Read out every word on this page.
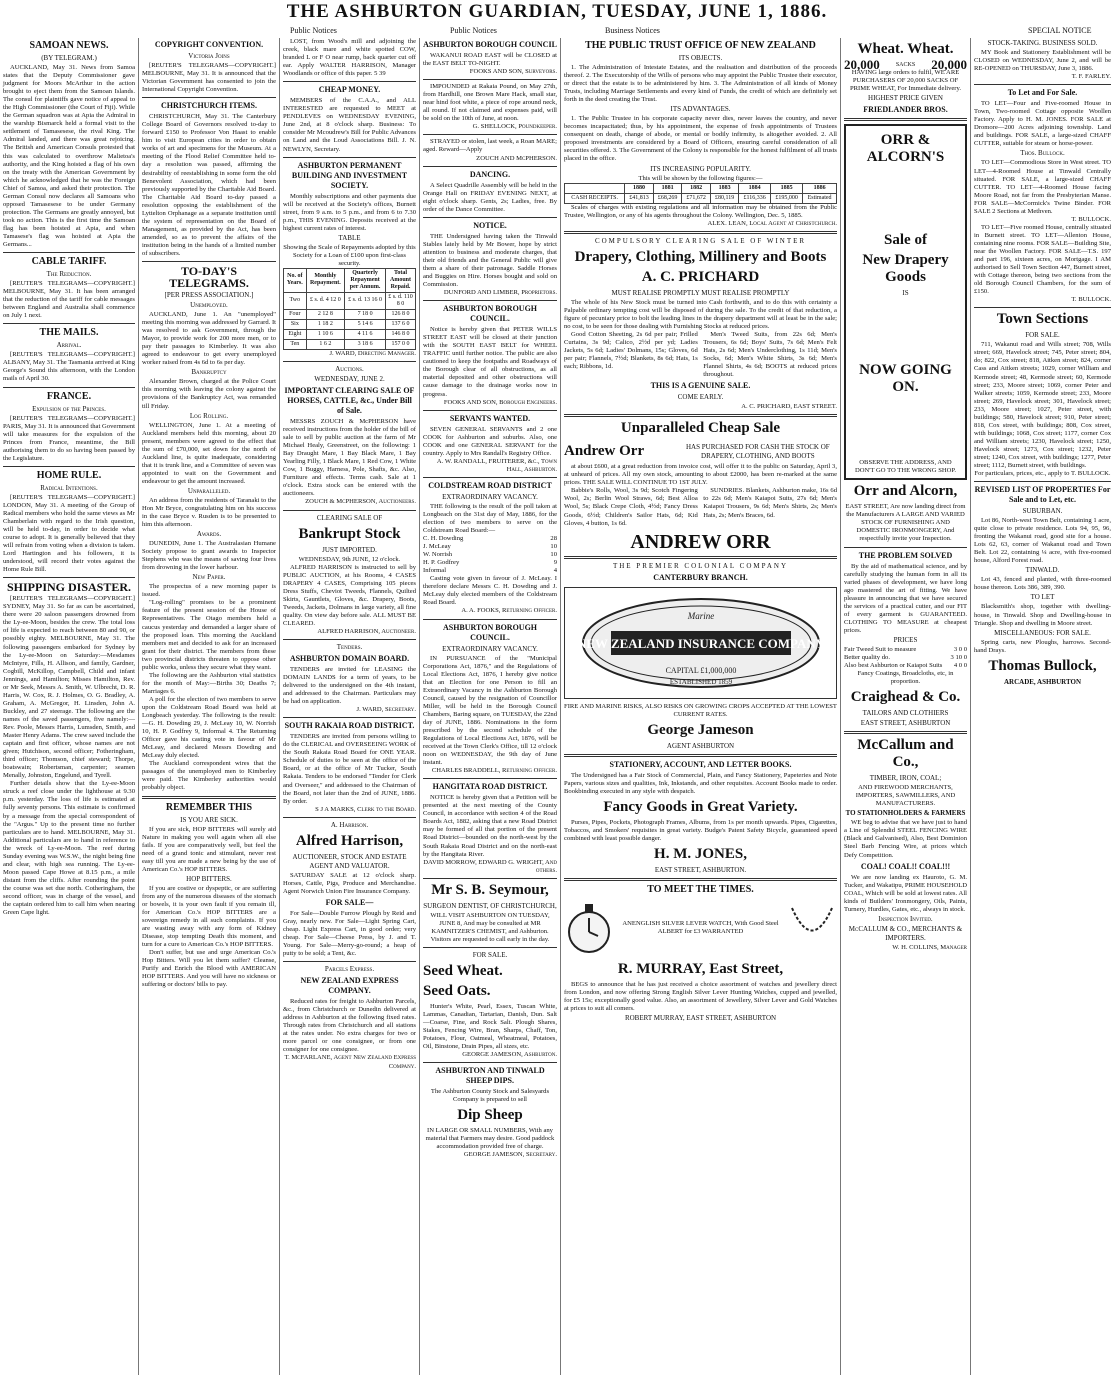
THE ASHBURTON GUARDIAN, TUESDAY, JUNE 1, 1886.
Public Notices	Public Notices	Business Notices	SPECIAL NOTICE
SAMOAN NEWS.
(BY TELEGRAM.)
AUCKLAND, May 31. News from Samoa states that the Deputy Commissioner gave judgment for Moors McArthur in the action brought to eject them from the Samoan Islands. The consul for plaintiffs gave notice of appeal to the High Commissioner (the Court of Fiji). While the German squadron was at Apia the Admiral in the warship Bismarck held a formal visit to the settlement of Tamasesese, the rival King. The Admiral landed, and there was great rejoicing. The British and American Consuls protested that this was calculated to overthrow Malietoa's authority, and the King hoisted a flag of his own on the treaty with the American Government by which he acknowledged that he was the Foreign Chief of Samoa, and asked their protection. The German Consul now declares all Samoans who opposed Tamasesese to be under Germany protection. The Germans are greatly annoyed, but took no action. This is the first time the Samoan flag has been hoisted at Apia, and when Tamasese's flag was hoisted at Apia the Germans...
CABLE TARIFF.
The Reduction.
[REUTER'S TELEGRAMS—COPYRIGHT.] MELBOURNE, May 31. It has been arranged that the reduction of the tariff for cable messages between England and Australia shall commence on July 1 next.
THE MAILS.
Arrival.
[REUTER'S TELEGRAMS—COPYRIGHT.] ALBANY, May 31. The Tasmania arrived at King George's Sound this afternoon, with the London mails of April 30.
FRANCE.
Expulsion of the Princes.
[REUTER'S TELEGRAMS—COPYRIGHT.] PARIS, May 31. It is announced that Government will take measures for the expulsion of the Princes from France, meantime, the Bill authorising them to do so having been passed by the Legislature.
HOME RULE.
Radical Intentions.
[REUTER'S TELEGRAMS—COPYRIGHT.] LONDON, May 31. A meeting of the Group of Radical members who hold the same views as Mr Chamberlain with regard to the Irish question, will be held to-day, in order to decide what course to adopt. It is generally believed that they will refrain from voting when a division is taken. Lord Hartington and his followers, it is understood, will record their votes against the Home Rule Bill.
SHIPPING DISASTER.
[REUTER'S TELEGRAMS—COPYRIGHT.] SYDNEY, May 31. So far as can be ascertained, there were 20 saloon passengers drowned from the Ly-ee-Moon, besides the crew. The total loss of life is expected to reach between 80 and 90, or possibly eighty. MELBOURNE, May 31. The following passengers embarked for Sydney by the Ly-ee-Moon on Saturday:—Mesdames McIntyre, Fills, H. Allison, and family, Gardner, Cogbill, McKillop, Campbell, Child and infant Jennings, and Hamilton; Misses Hamilton, Rev. or Mr Seek, Messrs A. Smith, W. Ulbrecht, D. R. Harris, W. Cox, R. J. Holmes, O. G. Bradley, A. Graham, A. McGregor, H. Linsden, John A. Buckley, and 27 steerage. The following are the names of the saved passengers, five namely:—Rev. Poole, Messrs Harris, Lumsden, Smith, and Master Henry Adams. The crew saved include the captain and first officer, whose names are not given; Hutchison, second officer; Fotheringham, third officer; Thomson, chief steward; Thorpe, boatswain; Robertsman, carpenter; seamen Menally, Johnston, Engelund, and Tyrell.
Further details show that the Ly-ee-Moon struck a reef close under the lighthouse at 9.30 p.m. yesterday. The loss of life is estimated at fully seventy persons. This estimate is confirmed by a message from the special correspondent of the "Argus." Up to the present time no further particulars are to hand. MELBOURNE, May 31. Additional particulars are to hand in reference to the wreck of Ly-ee-Moon. The reef during Sunday evening was W.S.W., the night being fine and clear, with high sea running. The Ly-ee-Moon passed Cape Howe at 8.15 p.m., a mile distant from the cliffs. After rounding the point the course was set due north. Cotheringham, the second officer, was in charge of the vessel, and the captain ordered him to call him when nearing Green Cape light.
COPYRIGHT CONVENTION.
Victoria Joins
[REUTER'S TELEGRAMS—COPYRIGHT.] MELBOURNE, May 31. It is announced that the Victorian Government has consented to join the International Copyright Convention.
CHRISTCHURCH ITEMS.
CHRISTCHURCH, May 31. The Canterbury College Board of Governors resolved to-day to forward £150 to Professor Von Haast to enable him to visit European cities in order to obtain works of art and specimens for the Museum. At a meeting of the Flood Relief Committee held to-day a resolution was passed, affirming the desirability of reestablishing in some form the old Benevolent Association, which had been previously supported by the Charitable Aid Board. The Charitable Aid Board to-day passed a resolution opposing the establishment of the Lyttelton Orphanage as a separate institution until the system of representation on the Board of Management, as provided by the Act, has been amended, so as to prevent the affairs of the institution being in the hands of a limited number of subscribers.
TO-DAY'S TELEGRAMS.
[PER PRESS ASSOCIATION.]
Unemployed.
AUCKLAND, June 1. An "unemployed" meeting this morning was addressed by Garrard. It was resolved to ask Government, through the Mayor, to provide work for 200 more men, or to pay their passages to Kimberley. It was also agreed to endeavour to get every unemployed worker raised from 4s 6d to 6s per day.
Bankruptcy
Alexander Brown, charged at the Police Court this morning with leaving the colony against the provisions of the Bankruptcy Act, was remanded till Friday.
Log Rolling.
WELLINGTON, June 1. At a meeting of Auckland members held this morning, about 20 present, members were agreed to the effect that the sum of £70,000, set down for the north of Auckland line, is quite inadequate, considering that it is trunk line, and a Committee of seven was appointed to wait on the Government and endeavour to get the amount increased.
Unparalleled.
An address from the residents of Taranaki to the Hon Mr Bryce, congratulating him on his success in the case Bryce v. Rusden is to be presented to him this afternoon.
Awards.
DUNEDIN, June 1. The Australasian Humane Society propose to grant awards to Inspector Stephens who was the means of saving four lives from drowning in the lower harbour.
New Paper.
The prospectus of a new morning paper is issued.
"Log-rolling" promises to be a prominent feature of the present session of the House of Representatives. The Otago members held a caucus yesterday and demanded a larger share of the proposed loan. This morning the Auckland members met and decided to ask for an increased grant for their district. The members from these two provincial districts threaten to oppose other public works, unless they secure what they want.
The following are the Ashburton vital statistics for the month of May:—Births 30; Deaths 7; Marriages 6.
A poll for the election of two members to serve upon the Coldstream Road Board was held at Longbeach yesterday. The following is the result:—G. H. Dowding 29, J. McLeay 10, W. Norrish 10, H. P. Godfrey 9, Informal 4. The Returning Officer gave his casting vote in favour of Mr McLeay, and declared Messrs Dowding and McLeay duly elected.
The Auckland correspondent wires that the passages of the unemployed men to Kimberley were paid. The Kimberley authorities would probably object.
REMEMBER THIS
IS YOU ARE SICK.
If you are sick, HOP BITTERS will surely aid Nature in making you well again when all else fails. If you are comparatively well, but feel the need of a grand tonic and stimulant, never rest easy till you are made a new being by the use of American Co.'s HOP BITTERS.
HOP BITTERS.
If you are costive or dyspeptic, or are suffering from any of the numerous diseases of the stomach or bowels, it is your own fault if you remain ill, for American Co.'s HOP BITTERS are a sovereign remedy in all such complaints. If you are wasting away with any form of Kidney Disease, stop tempting Death this moment, and turn for a cure to American Co.'s HOP BITTERS.
Don't suffer, but use and urge American Co.'s Hop Bitters. Will you let them suffer? Cleanse, Purify and Enrich the Blood with AMERICAN HOP BITTERS. And you will have no sickness or suffering or doctors' bills to pay.
LOST, from Wood's mill and adjoining the creek, black mare and white spotted COW, branded L or F O near rump, back quarter cut off ear. Apply WALTER HARRISON, Manager Woodlands or office of this paper. 5 39
CHEAP MONEY.
MEMBERS of the C.A.A., and ALL INTERESTED are requested to MEET at PENDLEVES on WEDNESDAY EVENING, June 2nd, at 8 o'clock sharp. Business: To consider Mr Mcoudrew's Bill for Public Advances on Land and the Loud Associations Bill. J. N. NEWLYN, Secretary.
ASHBURTON PERMANENT BUILDING AND INVESTMENT SOCIETY.
Monthly subscriptions and other payments due will be received at the Society's offices, Burnett street, from 9 a.m. to 5 p.m., and from 6 to 7.30 p.m., THIS EVENING. Deposits received at the highest current rates of interest.
TABLE
Showing the Scale of Repayments adopted by this Society for a Loan of £100 upon first-class security.
No. of Years.	Monthly Repayment.	Quarterly Repayment per Annum.	Total Amount Repaid.
Two	£ s. d. 4 12 0	£ s. d. 13 16 0	£ s. d. 110 8 0
Four	2 12 8	7 18 0	126 8 0
Six	1 18 2	5 14 6	137 6 0
Eight	1 10 6	4 11 6	146 8 0
Ten	1 6 2	3 18 6	157 0 0
J. WARD, Directing Manager.
Auctions.
WEDNESDAY, JUNE 2.
IMPORTANT CLEARING SALE OF HORSES, CATTLE, &c., Under Bill of Sale.
MESSRS ZOUCH & McPHERSON have received instructions from the holder of the bill of sale to sell by public auction at the farm of Mr Michael Healy, Greenstreet, on the following: 1 Bay Draught Mare, 1 Bay Black Mare, 1 Bay Yearling Filly, 1 Black Mare, 1 Red Cow, 1 White Cow, 1 Buggy, Harness, Pole, Shafts, &c. Also, Furniture and effects. Terms cash. Sale at 1 o'clock. Extra stock can be entered with the auctioneers.
ZOUCH & McPHERSON, Auctioneers.
CLEARING SALE OF
Bankrupt Stock
JUST IMPORTED.
WEDNESDAY, 9th JUNE, 12 o'clock.
ALFRED HARRISON is instructed to sell by PUBLIC AUCTION, at his Rooms, 4 CASES DRAPERY 4 CASES, Comprising 105 pieces Dress Stuffs, Cheviot Tweeds, Flannels, Quilted Skirts, Gauntlets, Gloves, &c. Drapery, Boots, Tweeds, Jackets, Dolmans in large variety, all fine quality. On view day before sale. ALL MUST BE CLEARED.
ALFRED HARRISON, Auctioneer.
Tenders.
ASHBURTON DOMAIN BOARD.
TENDERS are invited for LEASING the DOMAIN LANDS for a term of years, to be delivered to the undersigned on the 4th instant, and addressed to the Chairman. Particulars may be had on application.
J. WARD, Secretary.
SOUTH RAKAIA ROAD DISTRICT.
TENDERS are invited from persons willing to do the CLERICAL and OVERSEEING WORK of the South Rakaia Road Board for ONE YEAR. Schedule of duties to be seen at the office of the Board, or at the office of Mr Tucker, South Rakaia. Tenders to be endorsed "Tender for Clerk and Overseer," and addressed to the Chairman of the Board, not later than the 2nd of JUNE, 1886. By order.
S J A MARKS, Clerk to the Board.
A. Harrison.
Alfred Harrison,
AUCTIONEER, STOCK AND ESTATE AGENT AND VALUATOR.
SATURDAY SALE at 12 o'clock sharp. Horses, Cattle, Pigs, Produce and Merchandise. Agent Norwich Union Fire Insurance Company.
FOR SALE—
For Sale—Double Furrow Plough by Reid and Gray, nearly new. For Sale—Light Spring Cart, cheap. Light Express Cart, in good order; very cheap. For Sale—Cheese Press, by J. and T. Young. For Sale—Merry-go-round; a heap of putty to be sold; a Tent, &c.
Parcels Express.
NEW ZEALAND EXPRESS COMPANY.
Reduced rates for freight to Ashburton Parcels, &c., from Christchurch or Dunedin delivered at address in Ashburton at the following fixed rates. Through rates from Christchurch and all stations at the rates under. No extra charges for two or more parcel or one consignee, or from one consigner for one consignee.
T. McFARLANE, Agent New Zealand Express Company.
ASHBURTON BOROUGH COUNCIL
WAKANUI ROAD EAST will be CLOSED at the EAST BELT TO-NIGHT.
FOOKS AND SON, Surveyors.
IMPOUNDED at Rakaia Pound, on May 27th, from Hardhill, one Brown Mare Hack, small star, near hind foot white, a piece of rope around neck, all round. If not claimed and expenses paid, will be sold on the 10th of June, at noon.
G. SHELLOCK, Poundkeeper.
STRAYED or stolen, last week, a Roan MARE; aged. Reward—Apply
ZOUCH AND McPHERSON.
DANCING.
A Select Quadrille Assembly will be held in the Orange Hall on FRIDAY EVENING NEXT, at eight o'clock sharp. Gents, 2s; Ladies, free. By order of the Dance Committee.
NOTICE.
THE Undersigned having taken the Tinwald Stables lately held by Mr Bower, hope by strict attention to business and moderate charges, that their old friends and the General Public will give them a share of their patronage. Saddle Horses and Buggies on Hire. Horses bought and sold on Commission.
DUNFORD AND LIMBER, Proprietors.
ASHBURTON BOROUGH COUNCIL.
Notice is hereby given that PETER WILLS STREET EAST will be closed at their junction with the SOUTH EAST BELT for WHEEL TRAFFIC until further notice. The public are also cautioned to keep the footpaths and Roadways of the Borough clear of all obstructions, as all material deposited and other obstructions will cause damage to the drainage works now in progress.
FOOKS AND SON, Borough Engineers.
SERVANTS WANTED.
SEVEN GENERAL SERVANTS and 2 one COOK for Ashburton and suburbs. Also, one COOK and one GENERAL SERVANT for the country. Apply to Mrs Randall's Registry Office.
A. W. RANDALL, FRUITERER, &c., Town Hall, Ashburton.
COLDSTREAM ROAD DISTRICT
EXTRAORDINARY VACANCY.
THE following is the result of the poll taken at Longbeach on the 31st day of May, 1886, for the election of two members to serve on the Coldstream Road Board:—
C. H. Dowding	28
J. McLeay	10
W. Norrish	10
H. P. Godfrey	9
Informal	4
Casting vote given in favour of J. McLeay. I therefore declare Messrs C. H. Dowding and J. McLeay duly elected members of the Coldstream Road Board.
A. A. FOOKS, Returning Officer.
ASHBURTON BOROUGH COUNCIL.
EXTRAORDINARY VACANCY.
IN PURSUANCE of the "Municipal Corporations Act, 1876," and the Regulations of Local Elections Act, 1876, I hereby give notice that an Election for one Person to fill an Extraordinary Vacancy in the Ashburton Borough Council, caused by the resignation of Councillor Miller, will be held in the Borough Council Chambers, Baring square, on TUESDAY, the 22nd day of JUNE, 1886. Nominations in the form prescribed by the second schedule of the Regulations of Local Elections Act, 1876, will be received at the Town Clerk's Office, till 12 o'clock noon on WEDNESDAY, the 9th day of June instant.
CHARLES BRADDELL, Returning Officer.
HANGITATA ROAD DISTRICT.
NOTICE is hereby given that a Petition will be presented at the next meeting of the County Council, in accordance with section 4 of the Road Boards Act, 1882, asking that a new Road District may be formed of all that portion of the present Road District—bounded on the north-west by the South Rakaia Road District and on the north-east by the Hangitata River.
DAVID MORROW, EDWARD G. WRIGHT, And others.
Mr S. B. Seymour,
SURGEON DENTIST, OF CHRISTCHURCH,
WILL VISIT ASHBURTON ON TUESDAY, JUNE 8, And may be consulted at MR KAMNITZER'S CHEMIST, and Ashburton. Visitors are requested to call early in the day.
FOR SALE.
Seed Wheat.
Seed Oats.
Hunter's White, Pearl, Essex, Tuscan White, Lammas, Canadian, Tartarian, Danish, Dun. Salt—Coarse, Fine, and Rock Salt. Plough Shares, Stakes, Fencing Wire, Bran, Sharps, Chaff, Ton, Potatoes, Flour, Oatmeal, Wheatmeal, Potatoes, Oil, Binstone, Drain Pipes, all sizes, etc.
GEORGE JAMESON, Ashburton.
ASHBURTON AND TINWALD SHEEP DIPS.
The Ashburton County Stock and Salesyards Company is prepared to sell
Dip Sheep
IN LARGE OR SMALL NUMBERS, With any material that Farmers may desire. Good paddock accommodation provided free of charge.
GEORGE JAMESON, Secretary.
THE PUBLIC TRUST OFFICE OF NEW ZEALAND
ITS OBJECTS.
1. The Administration of Intestate Estates, and the realisation and distribution of the proceeds thereof. 2. The Executorship of the Wills of persons who may appoint the Public Trustee their executor, or direct that the estate is to be administered by him. 3. The Administration of all kinds of Money Trusts, including Marriage Settlements and every kind of Funds, the credit of which are definitely set forth in the deed creating the Trust.
ITS ADVANTAGES.
1. The Public Trustee in his corporate capacity never dies, never leaves the country, and never becomes incapacitated; thus, by his appointment, the expense of fresh appointments of Trustees consequent on death, change of abode, or mental or bodily infirmity, is altogether avoided. 2. All proposed investments are considered by a Board of Officers, ensuring careful consideration of all securities offered. 3. The Government of the Colony is responsible for the honest fulfilment of all trusts placed in the office.
ITS INCREASING POPULARITY.
This will be shown by the following figures:—
	1880	1881	1882	1883	1884	1885	1886
CASH RECEIPTS.	£41,813	£68,269	£71,672	£80,119	£116,336	£195,000	Estimated
Scales of charges with existing regulations and all information may be obtained from the Public Trustee, Wellington, or any of his agents throughout the Colony. Wellington, Dec. 5, 1885.
ALEX. LEAN, Local Agent at Christchurch.
COMPULSORY CLEARING SALE OF WINTER
Drapery, Clothing, Millinery and Boots
A. C. PRICHARD
MUST REALISE PROMPTLY MUST REALISE PROMPTLY
The whole of his New Stock must be turned into Cash forthwith, and to do this with certainty a Palpable ordinary tempting cost will be disposed of during the sale. To the credit of that reduction, a figure of pecuniary price to bolt the leading lines in the drapery department will at least be in the sale; no cost, to be seen for those dealing with Furnishing Stocks at reduced prices.
Good Cotton Sheeting, 2s 6d per pair; Frilled Curtains, 3s 9d; Calico, 2½d per yd; Ladies Jackets, 5s 6d; Ladies' Dolmans, 15s; Gloves, 6d per pair; Flannels, 7½d; Blankets, 8s 6d; Hats, 1s each; Ribbons, 1d.
Men's Tweed Suits, from 22s 6d; Men's Trousers, 6s 6d; Boys' Suits, 7s 6d; Men's Felt Hats, 2s 6d; Men's Underclothing, 1s 11d; Men's Socks, 6d; Men's White Shirts, 3s 6d; Men's Flannel Shirts, 4s 6d; BOOTS at reduced prices throughout.
THIS IS A GENUINE SALE.
COME EARLY.
A. C. PRICHARD, EAST STREET.
Unparalleled Cheap Sale
Andrew Orr	HAS PURCHASED FOR CASH THE STOCK OF DRAPERY, CLOTHING, AND BOOTS
at about £600, at a great reduction from invoice cost, will offer it to the public on Saturday, April 3, at unheard of prices. All my own stock, amounting to about £2000, has been re-marked at the same prices. THE SALE WILL CONTINUE TO 1ST JULY.
Babbie's Rolls, Wool, 3s 9d; Scotch Fingering Wool, 2s; Berlin Wool Straws, 6d; Best Alloa Wool, 5s; Black Crepe Cloth, 4½d; Fancy Dress Goods, 6½d; Children's Sailor Hats, 6d; Kid Gloves, 4 button, 1s 6d.
SUNDRIES. Blankets, Ashburton make, 16s 6d to 22s 6d; Men's Kaiapoi Suits, 27s 6d; Men's Kaiapoi Trousers, 9s 6d; Men's Shirts, 2s; Men's Hats, 2s; Men's Braces, 6d.
ANDREW ORR
THE PREMIER COLONIAL COMPANY
CANTERBURY BRANCH.
NEW ZEALAND INSURANCE COMPANY
Marine
CAPITAL £1,000,000
ESTABLISHED 1859
FIRE AND MARINE RISKS, ALSO RISKS ON GROWING CROPS ACCEPTED AT THE LOWEST CURRENT RATES.
George Jameson
AGENT ASHBURTON
STATIONERY, ACCOUNT, AND LETTER BOOKS.
The Undersigned has a Fair Stock of Commercial, Plain, and Fancy Stationery, Papeteries and Note Papers, various sizes and qualities, Ink, Inkstands, and other requisites. Account Books made to order. Bookbinding executed in any style with despatch.
Fancy Goods in Great Variety.
Purses, Pipes, Pockets, Photograph Frames, Albums, from 1s per month upwards. Pipes, Cigarettes, Tobaccos, and Smokers' requisites in great variety. Budge's Patent Safety Bicycle, guaranteed speed combined with least possible danger.
H. M. JONES,
EAST STREET, ASHBURTON.
TO MEET THE TIMES.
ANENGLISH SILVER LEVER WATCH, With Good Steel ALBERT for £3 WARRANTED
R. MURRAY, East Street,
BEGS to announce that he has just received a choice assortment of watches and jewellery direct from London, and now offering Strong English Silver Lever Hunting Watches, cupped and jewelled, for £5 15s; exceptionally good value. Also, an assortment of Jewellery, Silver Lever and Gold Watches at prices to suit all comers.
ROBERT MURRAY, EAST STREET, ASHBURTON
Wheat. Wheat.
20,000	SACKS 20,000
HAVING large orders to fulfil, WE ARE PURCHASERS OF 20,000 SACKS OF PRIME WHEAT, For Immediate delivery.
HIGHEST PRICE GIVEN
FRIEDLANDER BROS.
ORR & ALCORN'S
Sale of
New Drapery Goods
IS
NOW GOING ON.
OBSERVE THE ADDRESS, AND DON'T GO TO THE WRONG SHOP.
Orr and Alcorn,
EAST STREET, Are now landing direct from the Manufacturers A LARGE AND VARIED STOCK OF FURNISHING AND DOMESTIC IRONMONGERY, And respectfully invite your Inspection.
THE PROBLEM SOLVED
By the aid of mathematical science, and by carefully studying the human form in all its varied phases of development, we have long ago mastered the art of fitting. We have pleasure in announcing that we have secured the services of a practical cutter, and our FIT of every garment is GUARANTEED. CLOTHING TO MEASURE at cheapest prices.
PRICES
Fair Tweed Suit to measure	3 0 0
Better quality do.	3 10 0
Also best Ashburton or Kaiapoi Suits 4 0 0
Fancy Coatings, Broadcloths, etc, in proportion.
Craighead & Co.
TAILORS AND CLOTHIERS
EAST STREET, ASHBURTON
McCallum and Co.,
TIMBER, IRON, COAL;
AND FIREWOOD MERCHANTS, IMPORTERS, SAWMILLERS, AND MANUFACTURERS.
TO STATIONHOLDERS & FARMERS
WE beg to advise that we have just to hand a Line of Splendid STEEL FENCING WIRE (Black and Galvanised), Also, Best Dominion Steel Barb Fencing Wire, at prices which Defy Competition.
COAL! COAL!! COAL!!!
We are now landing ex Hauroto, G. M. Tucker, and Wakatipu, PRIME HOUSEHOLD COAL, Which will be sold at lowest rates. All kinds of Builders' Ironmongery, Oils, Paints, Turnery, Hurdles, Gates, etc., always in stock.
Inspection Invited.
McCALLUM & CO., MERCHANTS & IMPORTERS.
W. H. COLLINS, Manager
STOCK-TAKING. BUSINESS SOLD.
MY Book and Stationery Establishment will be CLOSED on WEDNESDAY, June 2, and will be RE-OPENED on THURSDAY, June 3, 1886.
T. F. FARLEY.
To Let and For Sale.
TO LET—Four and Five-roomed House in Town, Two-roomed Cottage opposite Woollen Factory. Apply to H. M. JONES. FOR SALE at Dromore—200 Acres adjoining township. Land and buildings. FOR SALE, a large-sized CHAFF CUTTER, suitable for steam or horse-power.
Thos. Bullock.
TO LET—Commodious Store in West street. TO LET—4-Roomed House at Tinwald Centrally situated. FOR SALE, a large-sized CHAFF CUTTER. TO LET—4-Roomed House facing Moore Road, not far from the Presbyterian Manse. FOR SALE—McCormick's Twine Binder. FOR SALE 2 Sections at Methven.
T. BULLOCK.
TO LET—Five roomed House, centrally situated in Burnett street. TO LET—Allenton House, containing nine rooms. FOR SALE—Building Site, near the Woollen Factory. FOR SALE—T.S. 197 and part 196, sixteen acres, on Mortgage. I AM authorised to Sell Town Section 447, Burnett street, with Cottage thereon, being two sections from the old Borough Council Chambers, for the sum of £150.
T. BULLOCK.
Town Sections
FOR SALE.
711, Wakanui road and Wills street; 708, Wills street; 669, Havelock street; 745, Peter street; 804, do; 822, Cox street; 818, Aitken street; 824, corner Cass and Aitken streets; 1029, corner William and Kermode street; 48, Kermode street; 60, Kermode street; 233, Moore street; 1069, corner Peter and Walker streets; 1059, Kermode street; 233, Moore street; 269, Havelock street; 301, Havelock street; 233, Moore street; 1027, Peter street, with buildings; 580, Havelock street; 910, Peter street; 818, Cox street, with buildings; 808, Cox street, with buildings; 1068, Cox street; 1177, corner Cox and William streets; 1230, Havelock street; 1250, Havelock street; 1273, Cox street; 1232, Peter street; 1240, Cox street, with buildings; 1277, Peter street; 1112, Burnett street, with buildings.
For particulars, prices, etc., apply to T. BULLOCK.
REVISED LIST OF PROPERTIES For Sale and to Let, etc.
SUBURBAN.
Lot 86, North-west Town Belt, containing 1 acre, quite close to private residence. Lots 94, 95, 96, fronting the Wakanui road, good site for a house. Lots 62, 63, corner of Wakanui road and Town Belt. Lot 22, containing ¼ acre, with five-roomed house, Alford Forest road.
TINWALD.
Lot 43, fenced and planted, with three-roomed house thereon. Lots 386, 389, 390.
TO LET
Blacksmith's shop, together with dwelling-house, in Tinwald. Shop and Dwelling-house in Triangle. Shop and dwelling in Moore street.
MISCELLANEOUS: FOR SALE.
Spring carts, new Ploughs, harrows. Second-hand Drays.
Thomas Bullock,
ARCADE, ASHBURTON
